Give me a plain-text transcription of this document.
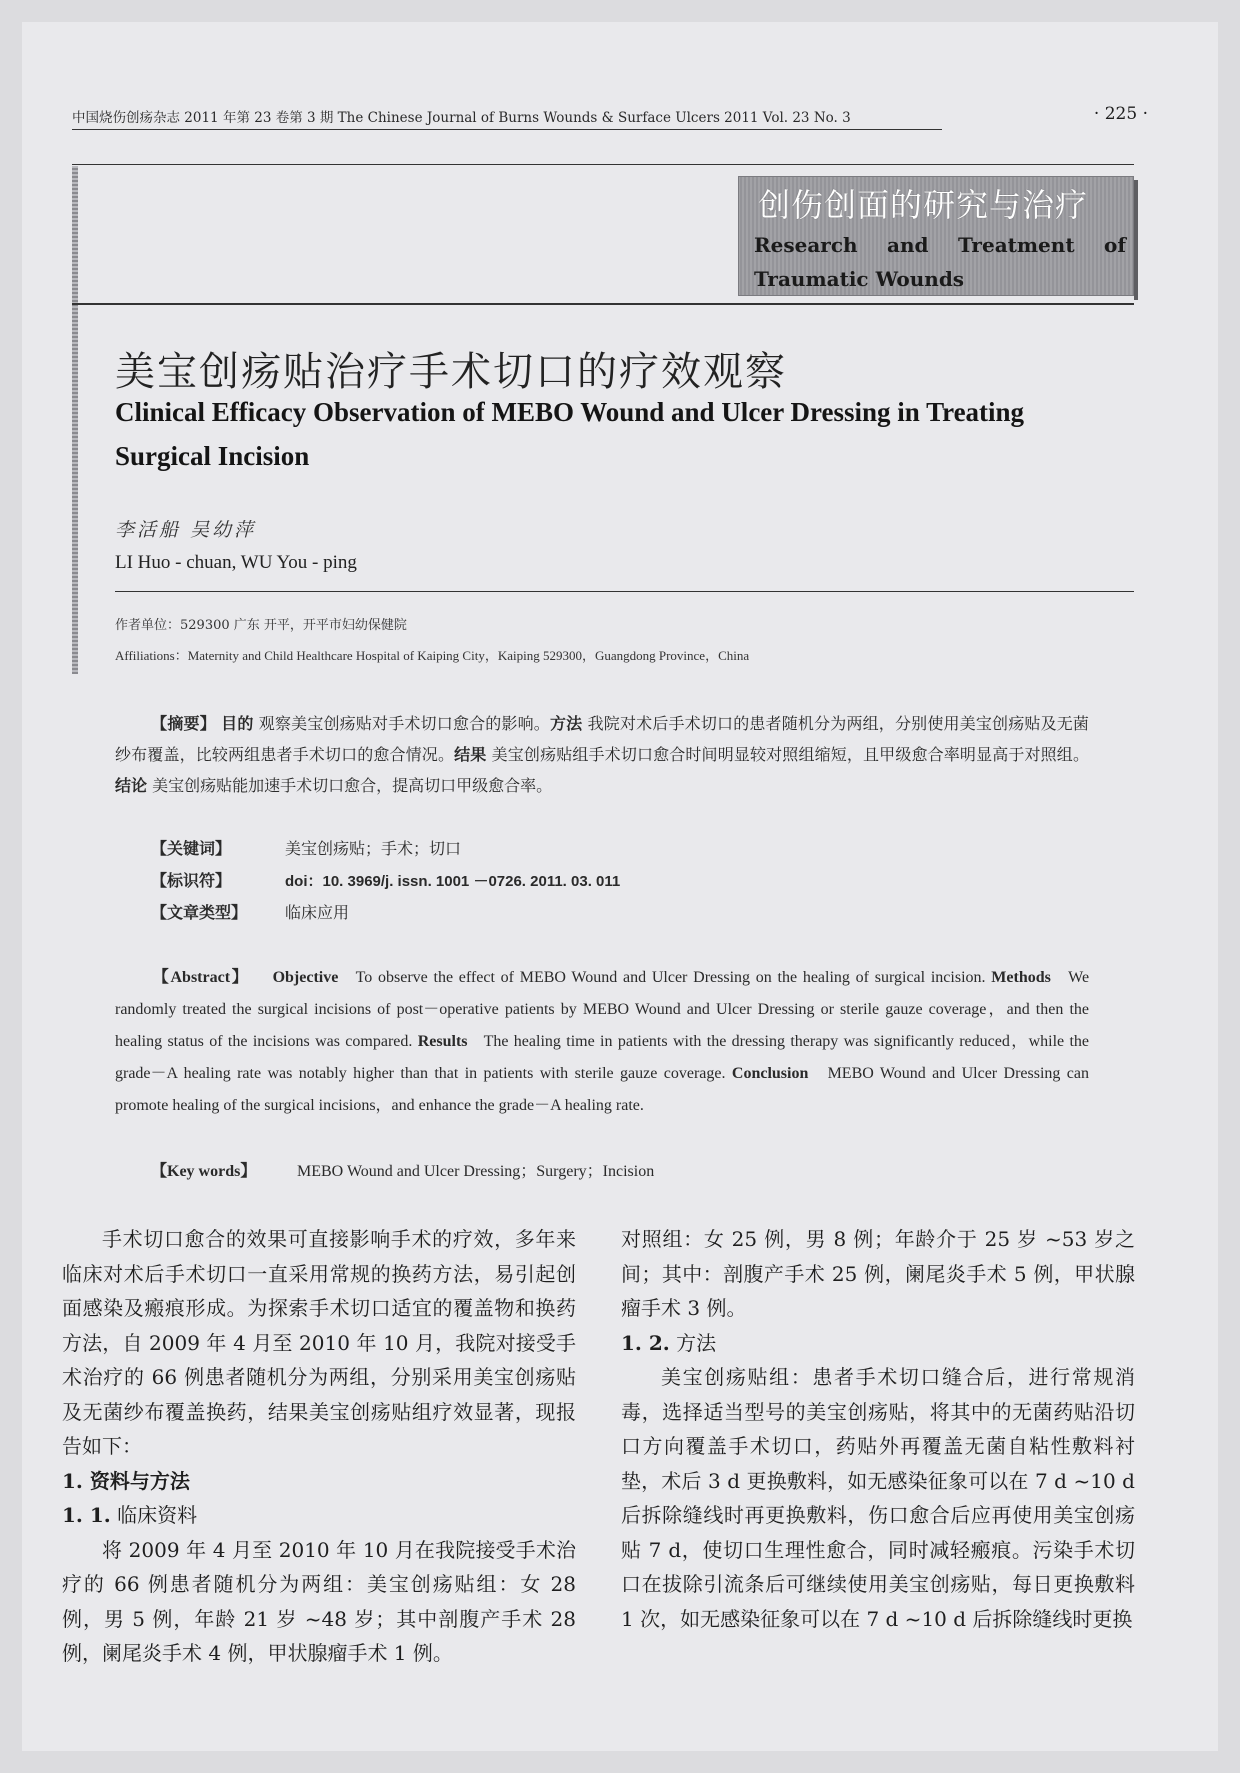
中国烧伤创疡杂志 2011 年第 23 卷第 3 期 The Chinese Journal of Burns Wounds & Surface Ulcers 2011 Vol. 23 No. 3	· 225 ·
创伤创面的研究与治疗
Research and Treatment of Traumatic Wounds
美宝创疡贴治疗手术切口的疗效观察
Clinical Efficacy Observation of MEBO Wound and Ulcer Dressing in Treating Surgical Incision
李活船 吴幼萍
LI Huo - chuan, WU You - ping
作者单位：529300 广东 开平，开平市妇幼保健院
Affiliations：Maternity and Child Healthcare Hospital of Kaiping City，Kaiping 529300，Guangdong Province，China
【摘要】 目的 观察美宝创疡贴对手术切口愈合的影响。方法 我院对术后手术切口的患者随机分为两组，分别使用美宝创疡贴及无菌纱布覆盖，比较两组患者手术切口的愈合情况。结果 美宝创疡贴组手术切口愈合时间明显较对照组缩短，且甲级愈合率明显高于对照组。结论 美宝创疡贴能加速手术切口愈合，提高切口甲级愈合率。
【关键词】	美宝创疡贴；手术；切口
【标识符】	doi：10. 3969/j. issn. 1001 －0726. 2011. 03. 011
【文章类型】 临床应用
【Abstract】 Objective To observe the effect of MEBO Wound and Ulcer Dressing on the healing of surgical incision. Methods We randomly treated the surgical incisions of post－operative patients by MEBO Wound and Ulcer Dressing or sterile gauze coverage，and then the healing status of the incisions was compared. Results The healing time in patients with the dressing therapy was significantly reduced，while the grade－A healing rate was notably higher than that in patients with sterile gauze coverage. Conclusion MEBO Wound and Ulcer Dressing can promote healing of the surgical incisions，and enhance the grade－A healing rate.
【Key words】	MEBO Wound and Ulcer Dressing；Surgery；Incision

手术切口愈合的效果可直接影响手术的疗效，多年来临床对术后手术切口一直采用常规的换药方法，易引起创面感染及瘢痕形成。为探索手术切口适宜的覆盖物和换药方法，自 2009 年 4 月至 2010 年 10 月，我院对接受手术治疗的 66 例患者随机分为两组，分别采用美宝创疡贴及无菌纱布覆盖换药，结果美宝创疡贴组疗效显著，现报告如下：

1. 资料与方法
1. 1. 临床资料

将 2009 年 4 月至 2010 年 10 月在我院接受手术治疗的 66 例患者随机分为两组：美宝创疡贴组：女 28 例，男 5 例，年龄 21 岁 ~48 岁；其中剖腹产手术 28 例，阑尾炎手术 4 例，甲状腺瘤手术 1 例。

对照组：女 25 例，男 8 例；年龄介于 25 岁 ~53 岁之间；其中：剖腹产手术 25 例，阑尾炎手术 5 例，甲状腺瘤手术 3 例。

1. 2. 方法

美宝创疡贴组：患者手术切口缝合后，进行常规消毒，选择适当型号的美宝创疡贴，将其中的无菌药贴沿切口方向覆盖手术切口，药贴外再覆盖无菌自粘性敷料衬垫，术后 3 d 更换敷料，如无感染征象可以在 7 d ~10 d 后拆除缝线时再更换敷料，伤口愈合后应再使用美宝创疡贴 7 d，使切口生理性愈合，同时减轻瘢痕。污染手术切口在拔除引流条后可继续使用美宝创疡贴，每日更换敷料 1 次，如无感染征象可以在 7 d ~10 d 后拆除缝线时更换
